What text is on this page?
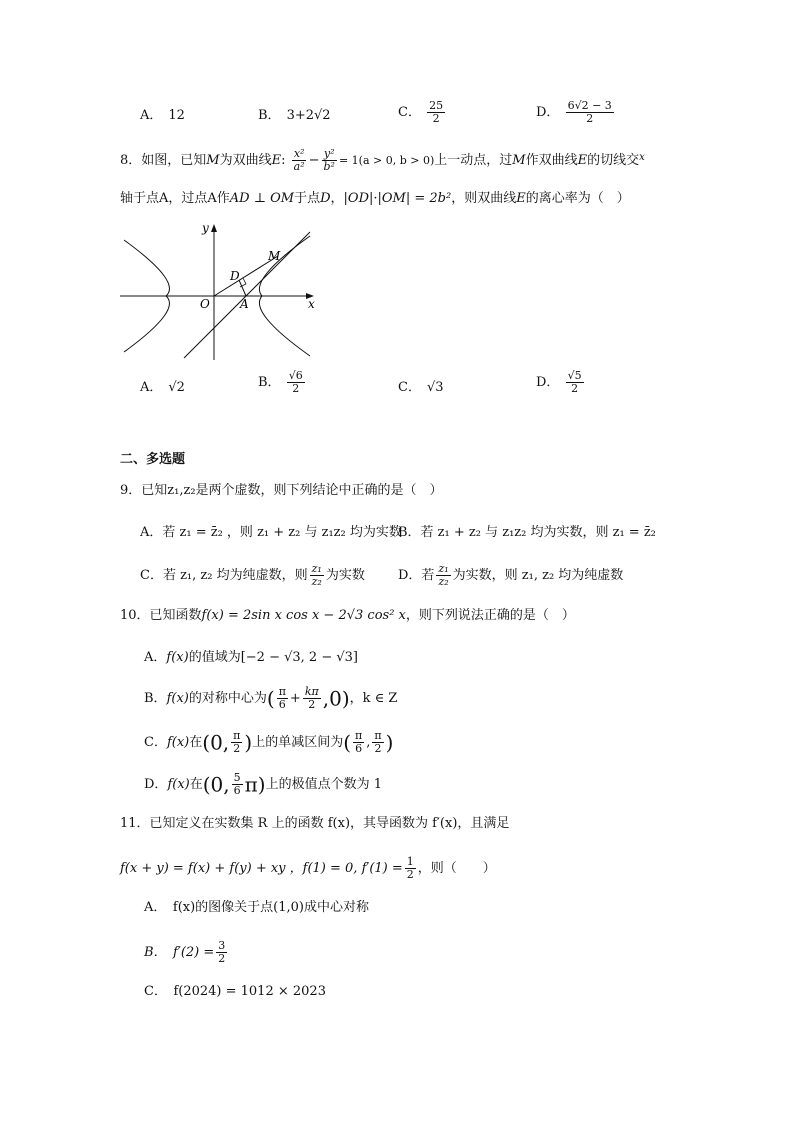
A． 12	B． 3+2√2	C． $\frac{25}{2}$	D． $\frac{6√2 - 3}{2}$
8．如图，已知M为双曲线E: $\frac{\text{x²}}{\text{a²}} - \frac{\text{y²}}{\text{b²}} = 1(a > 0$, b > 0)上一动点，过M作双曲线E的切线交$^x$
轴于点A，过点A作AD ⊥ OM于点D，|OD|·|OM| = 2b²，则双曲线E的离心率为（　）
y
x
O	A
D
M
A． √2	B． $\frac{√6}{2}$	C． √3	D． $\frac{√5}{2}$
二、多选题
9．已知z₁,z₂是两个虚数，则下列结论中正确的是（　）
A．若 z₁ = z̄₂ ，则 z₁ + z₂ 与 z₁z₂ 均为实数
B．若 z₁ + z₂ 与 z₁z₂ 均为实数，则 z₁ = z̄₂
C．若 z₁, z₂ 均为纯虚数，则 $\frac{\text{z₁}}{\text{z₂}}$ 为实数	D．若 $\frac{\text{z₁}}{\text{z₂}}$ 为实数，则 z₁, z₂ 均为纯虚数
10．已知函数f(x) = 2sin x cos x − 2√3 cos² x，则下列说法正确的是（　）
A．f(x)的值域为[−2 − √3, 2 − √3]
B．f(x)的对称中心为( $\frac{\pi}{6} + \frac{k\pi}{2} ,0$)，k ∈ Z
C．f(x)在(0, $\frac{\pi}{2}$ )上的单减区间为( $\frac{\pi}{6}$ , $\frac{\pi}{2}$ )
D．f(x)在(0, $\frac{5}{6} \pi$)上的极值点个数为 1
11．已知定义在实数集 R 上的函数 f(x)，其导函数为 f′(x)，且满足
f(x + y) = f(x) + f(y) + xy ，f(1) = 0, $f'(1) = \frac{1}{2}$ ，则（　　）
A．　f(x)的图像关于点(1,0)成中心对称
B．　$f'(2) = \frac{3}{2}$
C．　f(2024) = 1012 × 2023
